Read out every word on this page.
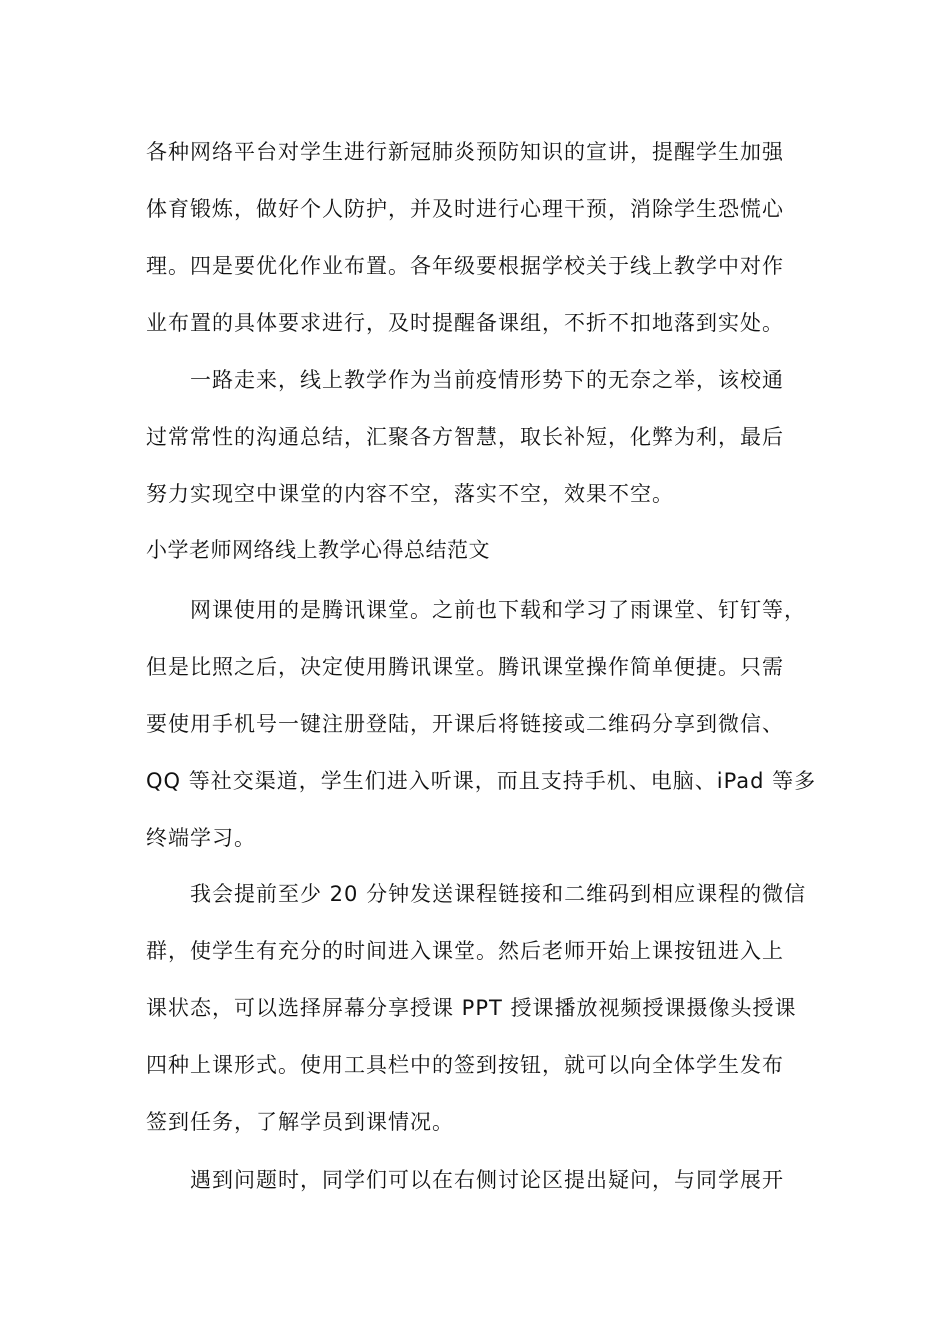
各种网络平台对学生进行新冠肺炎预防知识的宣讲，提醒学生加强
体育锻炼，做好个人防护，并及时进行心理干预，消除学生恐慌心
理。四是要优化作业布置。各年级要根据学校关于线上教学中对作
业布置的具体要求进行，及时提醒备课组，不折不扣地落到实处。
一路走来，线上教学作为当前疫情形势下的无奈之举，该校通
过常常性的沟通总结，汇聚各方智慧，取长补短，化弊为利，最后
努力实现空中课堂的内容不空，落实不空，效果不空。
小学老师网络线上教学心得总结范文
网课使用的是腾讯课堂。之前也下载和学习了雨课堂、钉钉等，
但是比照之后，决定使用腾讯课堂。腾讯课堂操作简单便捷。只需
要使用手机号一键注册登陆，开课后将链接或二维码分享到微信、
QQ 等社交渠道，学生们进入听课，而且支持手机、电脑、iPad 等多
终端学习。
我会提前至少 20 分钟发送课程链接和二维码到相应课程的微信
群，使学生有充分的时间进入课堂。然后老师开始上课按钮进入上
课状态，可以选择屏幕分享授课 PPT 授课播放视频授课摄像头授课
四种上课形式。使用工具栏中的签到按钮，就可以向全体学生发布
签到任务，了解学员到课情况。
遇到问题时，同学们可以在右侧讨论区提出疑问，与同学展开
